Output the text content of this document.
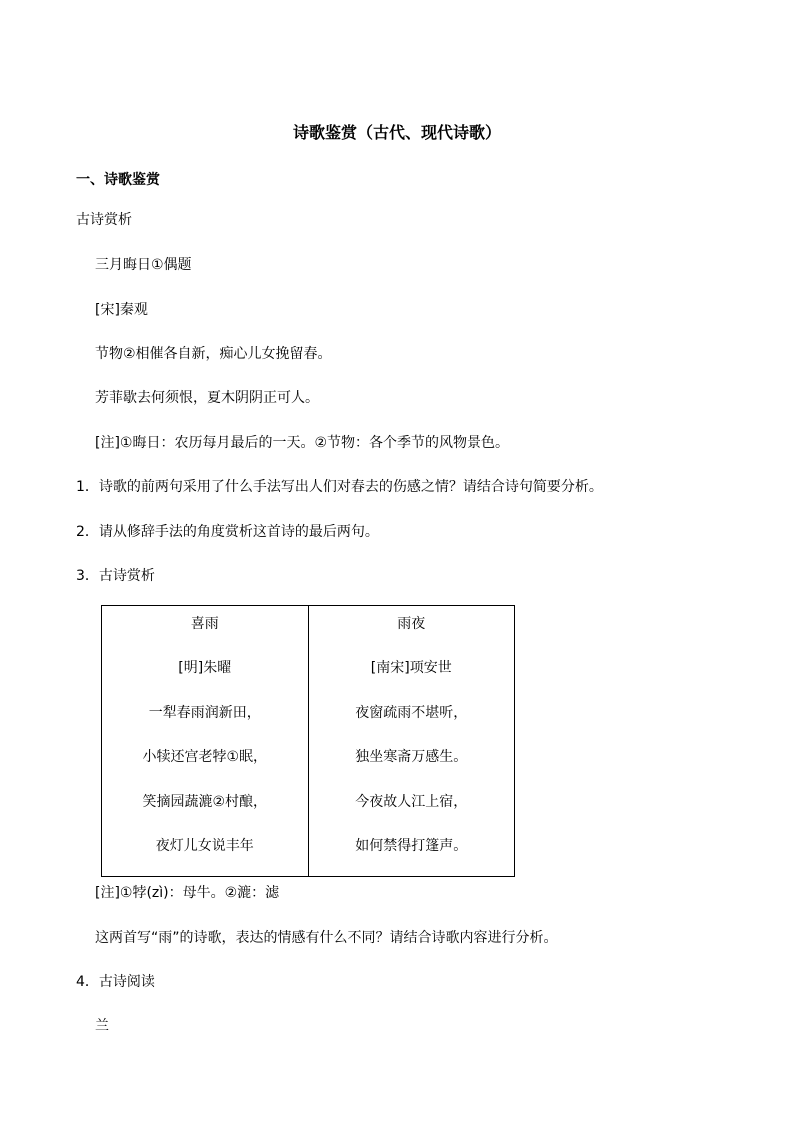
诗歌鉴赏（古代、现代诗歌）
一、诗歌鉴赏
古诗赏析
三月晦日①偶题
[宋]秦观
节物②相催各自新，痴心儿女挽留春。
芳菲歇去何须恨，夏木阴阴正可人。
[注]①晦日：农历每月最后的一天。②节物：各个季节的风物景色。
1．诗歌的前两句采用了什么手法写出人们对春去的伤感之情？请结合诗句简要分析。
2．请从修辞手法的角度赏析这首诗的最后两句。
3．古诗赏析
喜雨
[明]朱曜
一犁春雨润新田，
小犊还宫老㹀①眠，
笑摘园蔬漉②村酿，
夜灯儿女说丰年

雨夜
[南宋]项安世
夜窗疏雨不堪听，
独坐寒斋万感生。
今夜故人江上宿，
如何禁得打篷声。
[注]①㹀(zì)：母牛。②漉：滤
这两首写“雨”的诗歌，表达的情感有什么不同？请结合诗歌内容进行分析。
4．古诗阅读
兰
